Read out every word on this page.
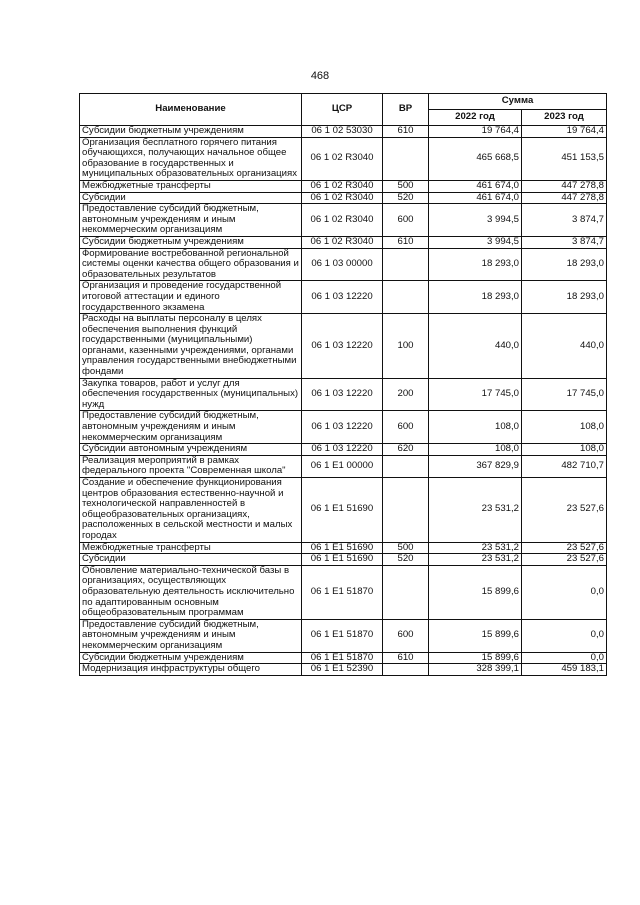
468
Наименование	ЦСР	ВР	Сумма	
			2022 год	2023 год
Субсидии бюджетным учреждениям	06 1 02 53030	610	19 764,4	19 764,4
Организация бесплатного горячего питания обучающихся, получающих начальное общее образование в государственных и муниципальных образовательных организациях	06 1 02 R3040		465 668,5	451 153,5
Межбюджетные трансферты	06 1 02 R3040	500	461 674,0	447 278,8
Субсидии	06 1 02 R3040	520	461 674,0	447 278,8
Предоставление субсидий бюджетным, автономным учреждениям и иным некоммерческим организациям	06 1 02 R3040	600	3 994,5	3 874,7
Субсидии бюджетным учреждениям	06 1 02 R3040	610	3 994,5	3 874,7
Формирование востребованной региональной системы оценки качества общего образования и образовательных результатов	06 1 03 00000		18 293,0	18 293,0
Организация и проведение государственной итоговой аттестации и единого государственного экзамена	06 1 03 12220		18 293,0	18 293,0
Расходы на выплаты персоналу в целях обеспечения выполнения функций государственными (муниципальными) органами, казенными учреждениями, органами управления государственными внебюджетными фондами	06 1 03 12220	100	440,0	440,0
Закупка товаров, работ и услуг для обеспечения государственных (муниципальных) нужд	06 1 03 12220	200	17 745,0	17 745,0
Предоставление субсидий бюджетным, автономным учреждениям и иным некоммерческим организациям	06 1 03 12220	600	108,0	108,0
Субсидии автономным учреждениям	06 1 03 12220	620	108,0	108,0
Реализация мероприятий в рамках федерального проекта "Современная школа"	06 1 E1 00000		367 829,9	482 710,7
Создание и обеспечение функционирования центров образования естественно-научной и технологической направленностей в общеобразовательных организациях, расположенных в сельской местности и малых городах	06 1 E1 51690		23 531,2	23 527,6
Межбюджетные трансферты	06 1 E1 51690	500	23 531,2	23 527,6
Субсидии	06 1 E1 51690	520	23 531,2	23 527,6
Обновление материально-технической базы в организациях, осуществляющих образовательную деятельность исключительно по адаптированным основным общеобразовательным программам	06 1 E1 51870		15 899,6	0,0
Предоставление субсидий бюджетным, автономным учреждениям и иным некоммерческим организациям	06 1 E1 51870	600	15 899,6	0,0
Субсидии бюджетным учреждениям	06 1 E1 51870	610	15 899,6	0,0
Модернизация инфраструктуры общего	06 1 E1 52390		328 399,1	459 183,1
